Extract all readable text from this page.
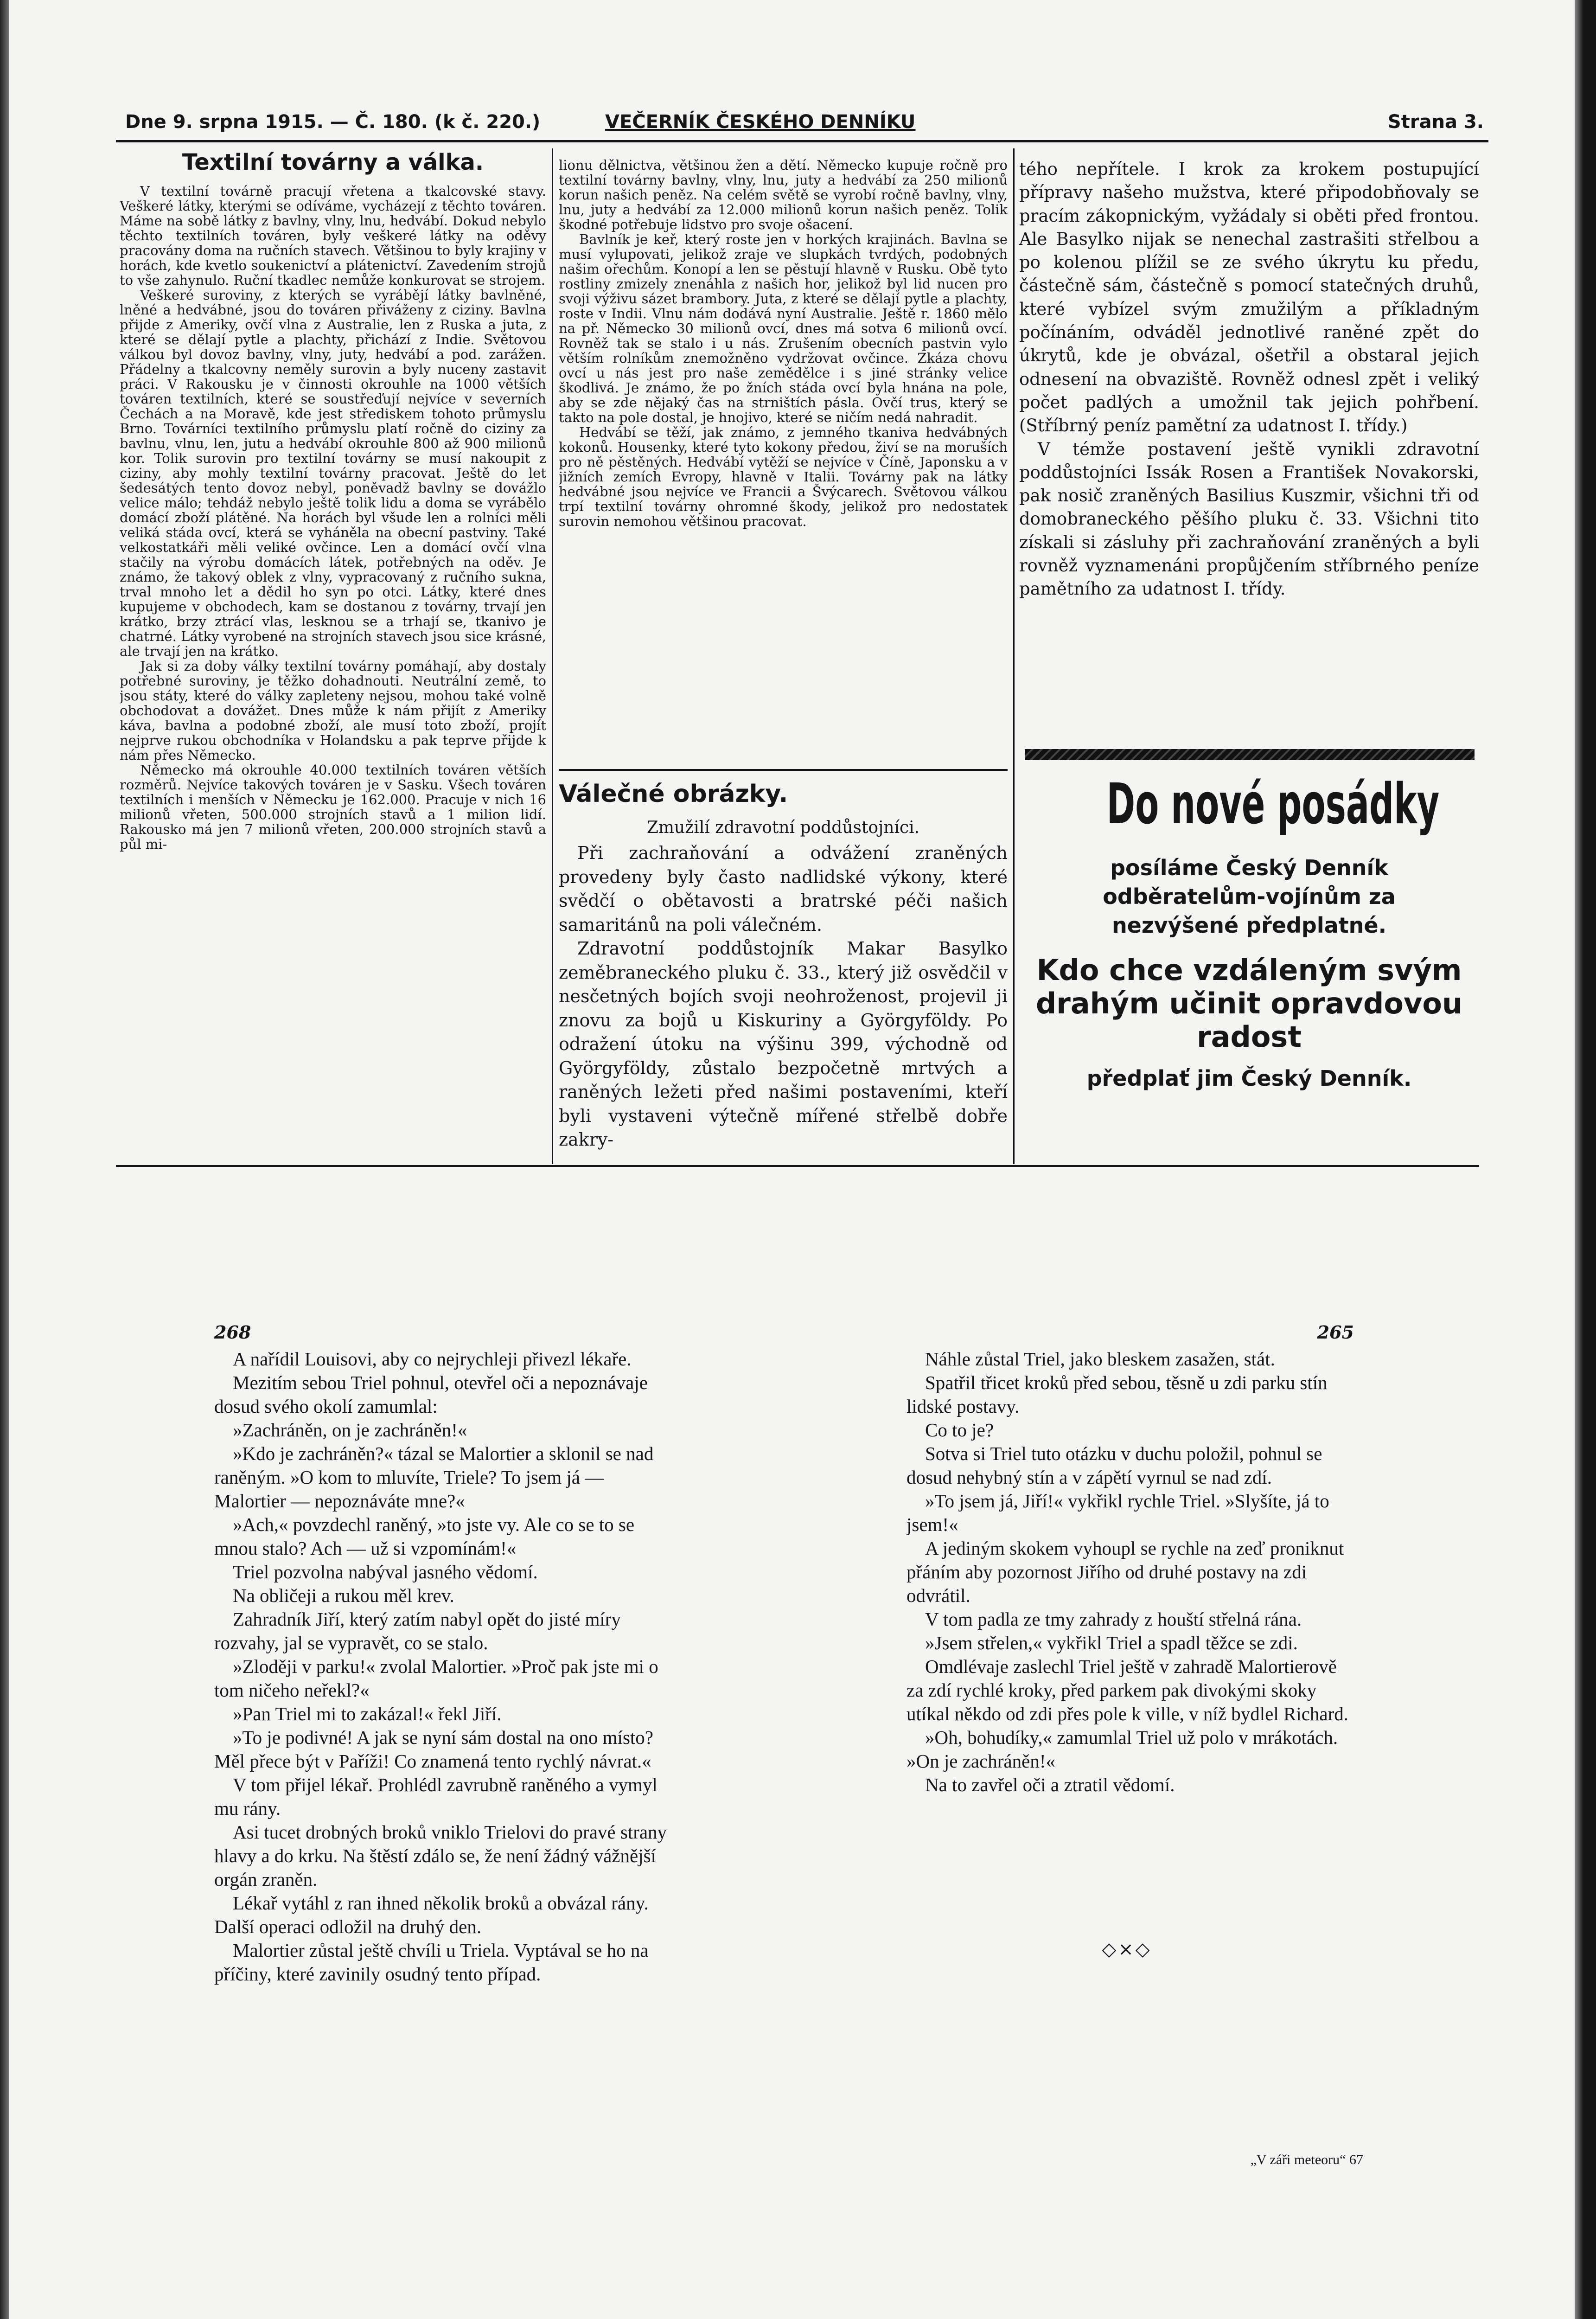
Dne 9. srpna 1915. — Č. 180. (k č. 220.)	VEČERNÍK ČESKÉHO DENNÍKU	Strana 3.
Textilní továrny a válka.

V textilní továrně pracují vřetena a tkalcovské stavy. Veškeré látky, kterými se odíváme, vycházejí z těchto továren. Máme na sobě látky z bavlny, vlny, lnu, hedvábí. Dokud nebylo těchto textilních továren, byly veškeré látky na oděvy pracovány doma na ručních stavech. Většinou to byly krajiny v horách, kde kvetlo soukenictví a plátenictví. Zavedením strojů to vše zahynulo. Ruční tkadlec nemůže konkurovat se strojem.

Veškeré suroviny, z kterých se vyrábějí látky bavlněné, lněné a hedvábné, jsou do továren přiváženy z ciziny. Bavlna přijde z Ameriky, ovčí vlna z Australie, len z Ruska a juta, z které se dělají pytle a plachty, přichází z Indie. Světovou válkou byl dovoz bavlny, vlny, juty, hedvábí a pod. zarážen. Přádelny a tkalcovny neměly surovin a byly nuceny zastavit práci. V Rakousku je v činnosti okrouhle na 1000 větších továren textilních, které se soustřeďují nejvíce v severních Čechách a na Moravě, kde jest střediskem tohoto průmyslu Brno. Továrníci textilního průmyslu platí ročně do ciziny za bavlnu, vlnu, len, jutu a hedvábí okrouhle 800 až 900 milionů kor. Tolik surovin pro textilní továrny se musí nakoupit z ciziny, aby mohly textilní továrny pracovat. Ještě do let šedesátých tento dovoz nebyl, poněvadž bavlny se dovážlo velice málo; tehdáž nebylo ještě tolik lidu a doma se vyrábělo domácí zboží plátěné. Na horách byl všude len a rolníci měli veliká stáda ovcí, která se vyháněla na obecní pastviny. Také velkostatkáři měli veliké ovčince. Len a domácí ovčí vlna stačily na výrobu domácích látek, potřebných na oděv. Je známo, že takový oblek z vlny, vypracovaný z ručního sukna, trval mnoho let a dědil ho syn po otci. Látky, které dnes kupujeme v obchodech, kam se dostanou z továrny, trvají jen krátko, brzy ztrácí vlas, lesknou se a trhají se, tkanivo je chatrné. Látky vyrobené na strojních stavech jsou sice krásné, ale trvají jen na krátko.

Jak si za doby války textilní továrny pomáhají, aby dostaly potřebné suroviny, je těžko dohadnouti. Neutrální země, to jsou státy, které do války zapleteny nejsou, mohou také volně obchodovat a dovážet. Dnes může k nám přijít z Ameriky káva, bavlna a podobné zboží, ale musí toto zboží, projít nejprve rukou obchodníka v Holandsku a pak teprve přijde k nám přes Německo.

Německo má okrouhle 40.000 textilních továren větších rozměrů. Nejvíce takových továren je v Sasku. Všech továren textilních i menších v Německu je 162.000. Pracuje v nich 16 milionů vřeten, 500.000 strojních stavů a 1 milion lidí. Rakousko má jen 7 milionů vřeten, 200.000 strojních stavů a půl mi-

lionu dělnictva, většinou žen a dětí. Německo kupuje ročně pro textilní továrny bavlny, vlny, lnu, juty a hedvábí za 250 milionů korun našich peněz. Na celém světě se vyrobí ročně bavlny, vlny, lnu, juty a hedvábí za 12.000 milionů korun našich peněz. Tolik škodné potřebuje lidstvo pro svoje ošacení.

Bavlník je keř, který roste jen v horkých krajinách. Bavlna se musí vylupovati, jelikož zraje ve slupkách tvrdých, podobných našim ořechům. Konopí a len se pěstují hlavně v Rusku. Obě tyto rostliny zmizely znenáhla z našich hor, jelikož byl lid nucen pro svoji výživu sázet brambory. Juta, z které se dělají pytle a plachty, roste v Indii. Vlnu nám dodává nyní Australie. Ještě r. 1860 mělo na př. Německo 30 milionů ovcí, dnes má sotva 6 milionů ovcí. Rovněž tak se stalo i u nás. Zrušením obecních pastvin vylo větším rolníkům znemožněno vydržovat ovčince. Zkáza chovu ovcí u nás jest pro naše zemědělce i s jiné stránky velice škodlivá. Je známo, že po žních stáda ovcí byla hnána na pole, aby se zde nějaký čas na strništích pásla. Ovčí trus, který se takto na pole dostal, je hnojivo, které se ničím nedá nahradit.

Hedvábí se těží, jak známo, z jemného tkaniva hedvábných kokonů. Housenky, které tyto kokony předou, živí se na moruších pro ně pěstěných. Hedvábí vytěží se nejvíce v Číně, Japonsku a v jižních zemích Evropy, hlavně v Italii. Továrny pak na látky hedvábné jsou nejvíce ve Francii a Švýcarech. Světovou válkou trpí textilní továrny ohromné škody, jelikož pro nedostatek surovin nemohou většinou pracovat.

Válečné obrázky.
Zmužilí zdravotní poddůstojníci.

Při zachraňování a odvážení zraněných provedeny byly často nadlidské výkony, které svědčí o obětavosti a bratrské péči našich samaritánů na poli válečném.

Zdravotní poddůstojník Makar Basylko zeměbraneckého pluku č. 33., který již osvědčil v nesčetných bojích svoji neohroženost, projevil ji znovu za bojů u Kiskuriny a Györgyföldy. Po odražení útoku na výšinu 399, východně od Györgyföldy, zůstalo bezpočetně mrtvých a raněných ležeti před našimi postaveními, kteří byli vystaveni výtečně mířené střelbě dobře zakry-

tého nepřítele. I krok za krokem postupující přípravy našeho mužstva, které připodobňovaly se pracím zákopnickým, vyžádaly si oběti před frontou. Ale Basylko nijak se nenechal zastrašiti střelbou a po kolenou plížil se ze svého úkrytu ku předu, částečně sám, částečně s pomocí statečných druhů, které vybízel svým zmužilým a příkladným počínáním, odváděl jednotlivé raněné zpět do úkrytů, kde je obvázal, ošetřil a obstaral jejich odnesení na obvaziště. Rovněž odnesl zpět i veliký počet padlých a umožnil tak jejich pohřbení. (Stříbrný peníz pamětní za udatnost I. třídy.)

V témže postavení ještě vynikli zdravotní poddůstojníci Issák Rosen a František Novakorski, pak nosič zraněných Basilius Kuszmir, všichni tři od domobraneckého pěšího pluku č. 33. Všichni tito získali si zásluhy při zachraňování zraněných a byli rovněž vyznamenáni propůjčením stříbrného peníze pamětního za udatnost I. třídy.

Do nové posádky
posíláme Český Denník
odběratelům-vojínům za
nezvýšené předplatné.
Kdo chce vzdáleným svým
drahým učinit opravdovou
radost
předplať jim Český Denník.
268

A nařídil Louisovi, aby co nejrychleji přivezl lékaře.

Mezitím sebou Triel pohnul, otevřel oči a nepoznávaje dosud svého okolí zamumlal:

»Zachráněn, on je zachráněn!«

»Kdo je zachráněn?« tázal se Malortier a sklonil se nad raněným. »O kom to mluvíte, Triele? To jsem já — Malortier — nepoznáváte mne?«

»Ach,« povzdechl raněný, »to jste vy. Ale co se to se mnou stalo? Ach — už si vzpomínám!«

Triel pozvolna nabýval jasného vědomí.

Na obličeji a rukou měl krev.

Zahradník Jiří, který zatím nabyl opět do jisté míry rozvahy, jal se vypravět, co se stalo.

»Zloději v parku!« zvolal Malortier. »Proč pak jste mi o tom ničeho neřekl?«

»Pan Triel mi to zakázal!« řekl Jiří.

»To je podivné! A jak se nyní sám dostal na ono místo? Měl přece být v Paříži! Co znamená tento rychlý návrat.«

V tom přijel lékař. Prohlédl zavrubně raněného a vymyl mu rány.

Asi tucet drobných broků vniklo Trielovi do pravé strany hlavy a do krku. Na štěstí zdálo se, že není žádný vážnější orgán zraněn.

Lékař vytáhl z ran ihned několik broků a obvázal rány. Další operaci odložil na druhý den.

Malortier zůstal ještě chvíli u Triela. Vyptával se ho na příčiny, které zavinily osudný tento případ.

265

Náhle zůstal Triel, jako bleskem zasažen, stát.

Spatřil třicet kroků před sebou, těsně u zdi parku stín lidské postavy.

Co to je?

Sotva si Triel tuto otázku v duchu položil, pohnul se dosud nehybný stín a v zápětí vyrnul se nad zdí.

»To jsem já, Jiří!« vykřikl rychle Triel. »Slyšíte, já to jsem!«

A jediným skokem vyhoupl se rychle na zeď proniknut přáním aby pozornost Jiřího od druhé postavy na zdi odvrátil.

V tom padla ze tmy zahrady z houští střelná rána.

»Jsem střelen,« vykřikl Triel a spadl těžce se zdi.

Omdlévaje zaslechl Triel ještě v zahradě Malortierově za zdí rychlé kroky, před parkem pak divokými skoky utíkal někdo od zdi přes pole k ville, v níž bydlel Richard.

»Oh, bohudíky,« zamumlal Triel už polo v mrákotách. »On je zachráněn!«

Na to zavřel oči a ztratil vědomí.

◇⨯◇
„V záři meteoru“ 67
